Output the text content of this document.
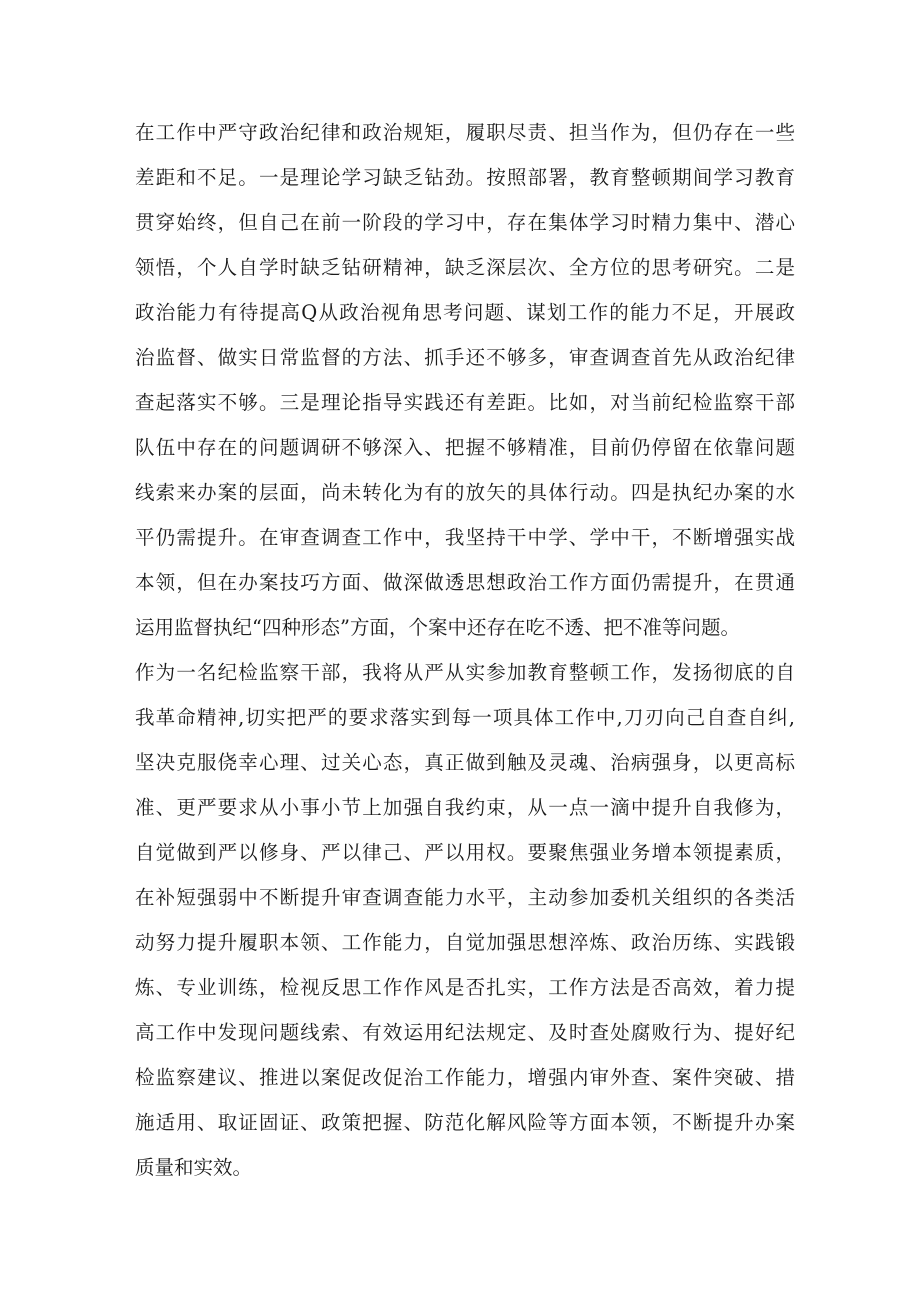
在工作中严守政治纪律和政治规矩，履职尽责、担当作为，但仍存在一些
差距和不足。一是理论学习缺乏钻劲。按照部署，教育整顿期间学习教育
贯穿始终，但自己在前一阶段的学习中，存在集体学习时精力集中、潜心
领悟，个人自学时缺乏钻研精神，缺乏深层次、全方位的思考研究。二是
政治能力有待提高Q从政治视角思考问题、谋划工作的能力不足，开展政
治监督、做实日常监督的方法、抓手还不够多，审查调查首先从政治纪律
查起落实不够。三是理论指导实践还有差距。比如，对当前纪检监察干部
队伍中存在的问题调研不够深入、把握不够精准，目前仍停留在依靠问题
线索来办案的层面，尚未转化为有的放矢的具体行动。四是执纪办案的水
平仍需提升。在审查调查工作中，我坚持干中学、学中干，不断增强实战
本领，但在办案技巧方面、做深做透思想政治工作方面仍需提升，在贯通
运用监督执纪“四种形态”方面，个案中还存在吃不透、把不准等问题。
作为一名纪检监察干部，我将从严从实参加教育整顿工作，发扬彻底的自
我革命精神,切实把严的要求落实到每一项具体工作中,刀刃向己自查自纠,
坚决克服侥幸心理、过关心态，真正做到触及灵魂、治病强身，以更高标
准、更严要求从小事小节上加强自我约束，从一点一滴中提升自我修为，
自觉做到严以修身、严以律己、严以用权。要聚焦强业务增本领提素质，
在补短强弱中不断提升审查调查能力水平，主动参加委机关组织的各类活
动努力提升履职本领、工作能力，自觉加强思想淬炼、政治历练、实践锻
炼、专业训练，检视反思工作作风是否扎实，工作方法是否高效，着力提
高工作中发现问题线索、有效运用纪法规定、及时查处腐败行为、提好纪
检监察建议、推进以案促改促治工作能力，增强内审外查、案件突破、措
施适用、取证固证、政策把握、防范化解风险等方面本领，不断提升办案
质量和实效。
